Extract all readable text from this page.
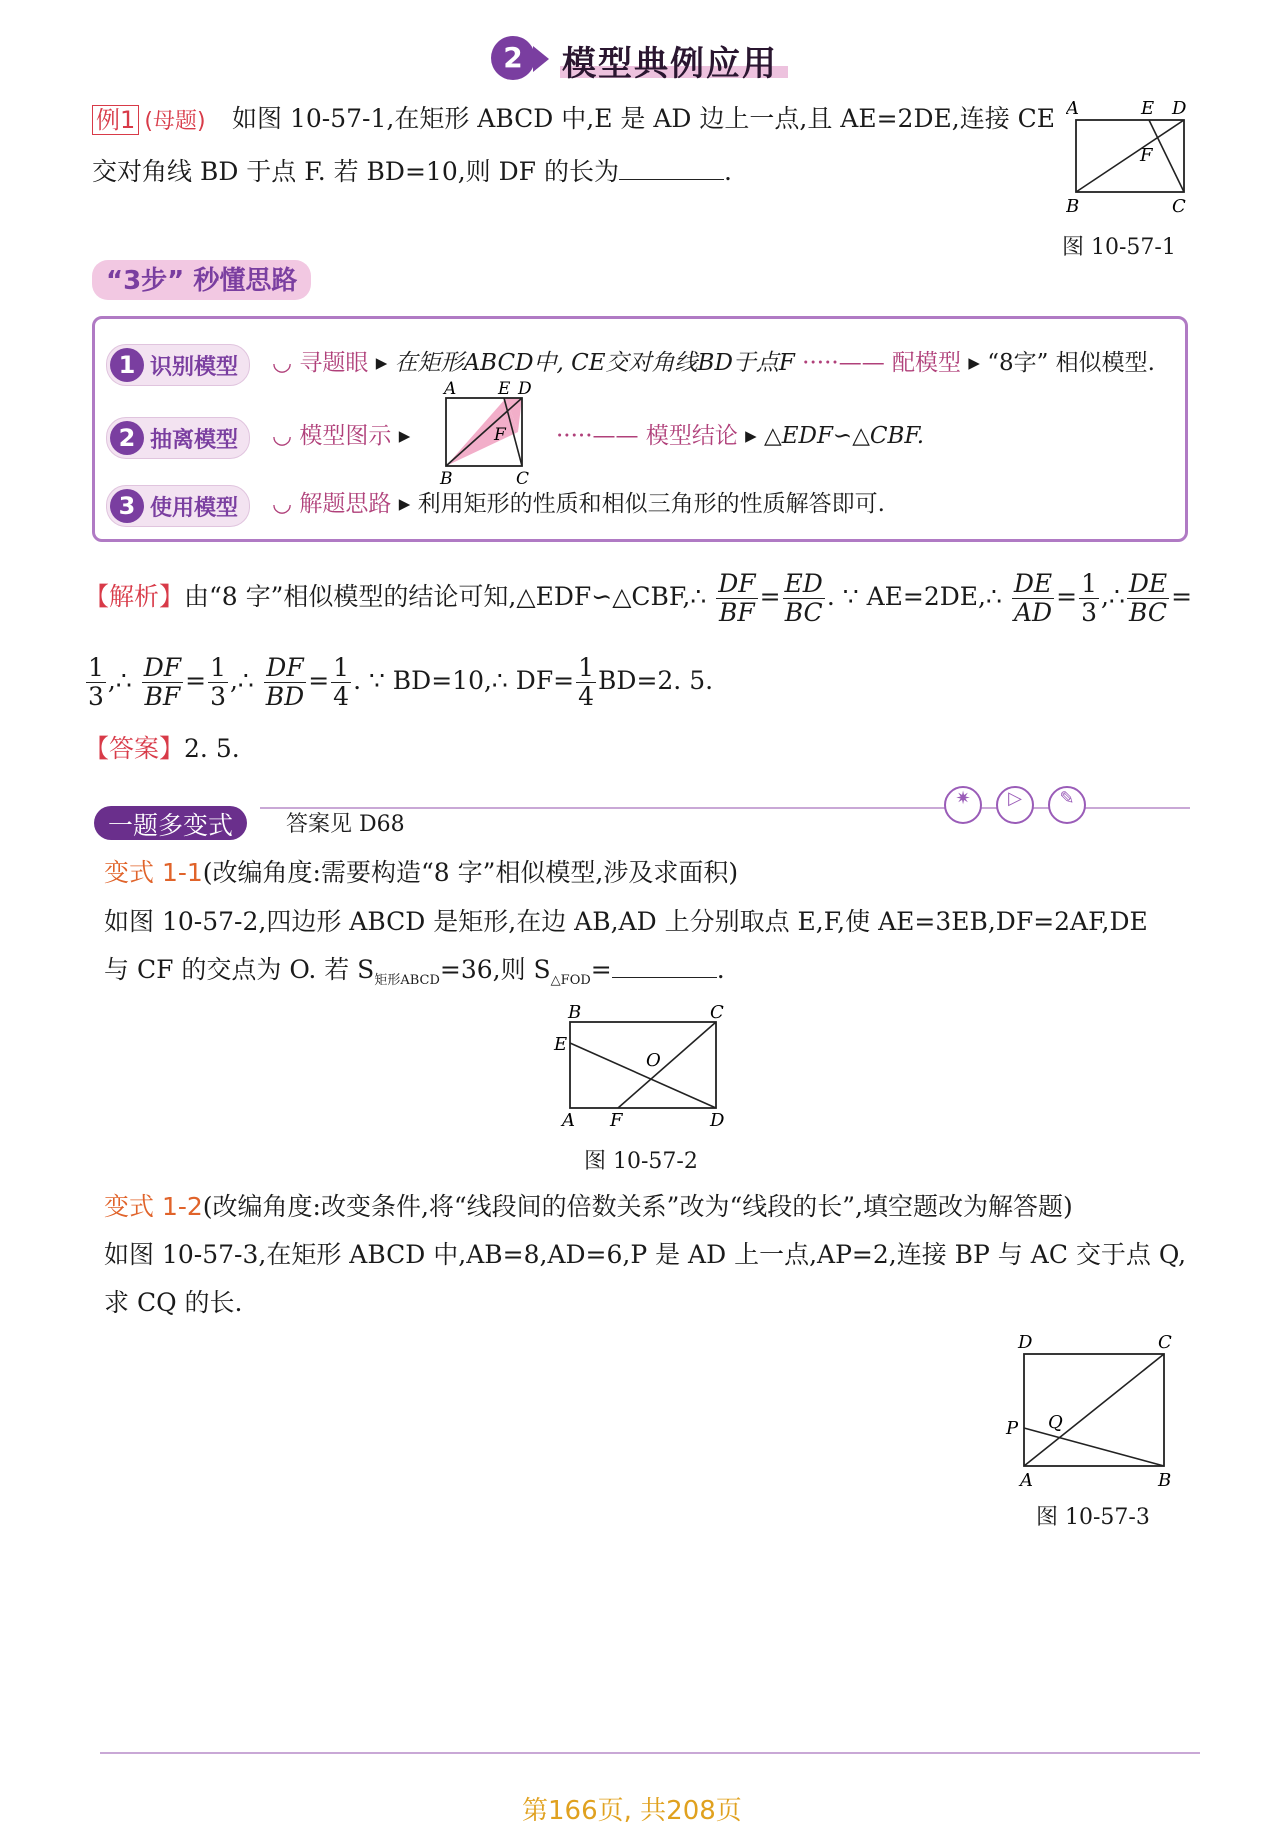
2	模型典例应用
例1 (母题) 如图 10-57-1,在矩形 ABCD 中,E 是 AD 边上一点,且 AE=2DE,连接 CE
交对角线 BD 于点 F. 若 BD=10,则 DF 的长为	.
A	E D
F
B	C
图 10-57-1
“3步” 秒懂思路
1 识别模型 ◡ 寻题眼 ▸ 在矩形ABCD中, CE交对角线BD于点F ·····—— 配模型 ▸ “8字” 相似模型.
2 抽离模型 ◡ 模型图示 ▸
A E D
F
B	C
·····—— 模型结论 ▸ △EDF∽△CBF.
3 使用模型 ◡ 解题思路 ▸ 利用矩形的性质和相似三角形的性质解答即可.
【解析】由“8 字”相似模型的结论可知,△EDF∽△CBF,∴ $\frac{DF}{BF} = \frac{ED}{BC}$ . ∵ AE=2DE,∴ $\frac{DE}{AD} = \frac{1}{3}$ ,∴ $\frac{DE}{BC}$ =
$\frac{1}{3}$ ,∴ $\frac{DF}{BF} = \frac{1}{3}$ ,∴ $\frac{DF}{BD} = \frac{1}{4}$ . ∵ BD=10,∴ $DF= \frac{1}{4} BD=2$. 5.
【答案】2. 5.
一题多变式	答案见 D68
✷	▷	✎
变式 1-1(改编角度:需要构造“8 字”相似模型,涉及求面积)
如图 10-57-2,四边形 ABCD 是矩形,在边 AB,AD 上分别取点 E,F,使 AE=3EB,DF=2AF,DE
与 CF 的交点为 O. 若 $S_{矩形ABCD}=36$,则 $S_{\triangle FOD}=$	.
B	C
E
O
A F	D
图 10-57-2
变式 1-2(改编角度:改变条件,将“线段间的倍数关系”改为“线段的长”,填空题改为解答题)
如图 10-57-3,在矩形 ABCD 中,AB=8,AD=6,P 是 AD 上一点,AP=2,连接 BP 与 AC 交于点 Q,
求 CQ 的长.
D	C
P Q
A	B
图 10-57-3
第166页, 共208页
